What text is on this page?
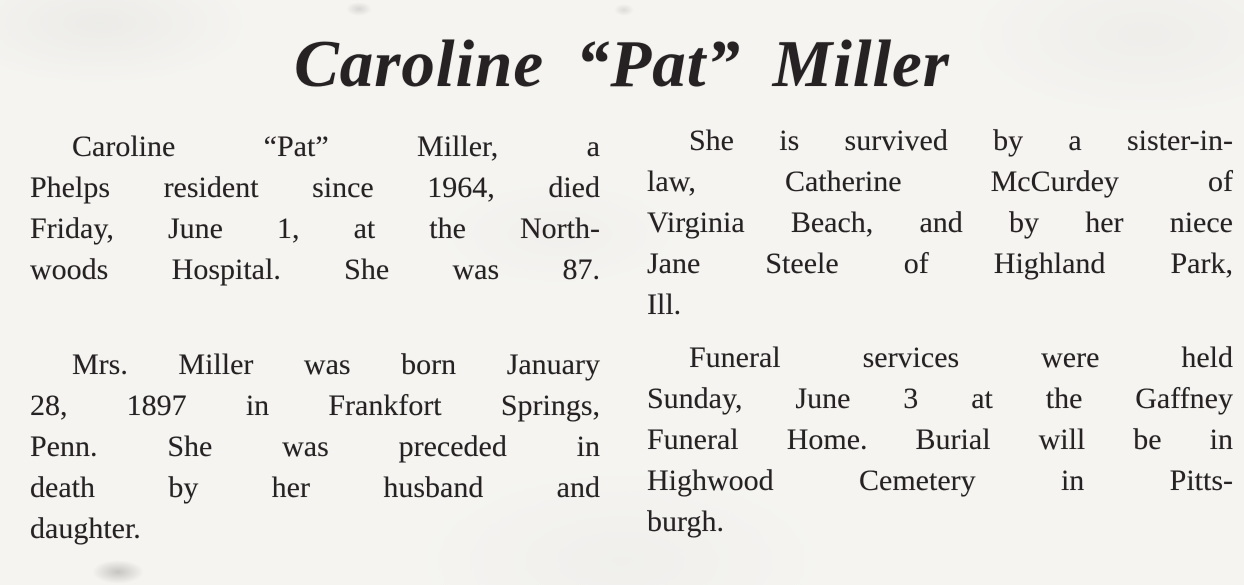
Caroline “Pat” Miller
Caroline “Pat” Miller, a
Phelps resident since 1964, died
Friday, June 1, at the North-
woods Hospital. She was 87.
Mrs. Miller was born January
28, 1897 in Frankfort Springs,
Penn. She was preceded in
death by her husband and
daughter.
She is survived by a sister-in-
law, Catherine McCurdey of
Virginia Beach, and by her niece
Jane Steele of Highland Park,
Ill.
Funeral services were held
Sunday, June 3 at the Gaffney
Funeral Home. Burial will be in
Highwood Cemetery in Pitts-
burgh.
